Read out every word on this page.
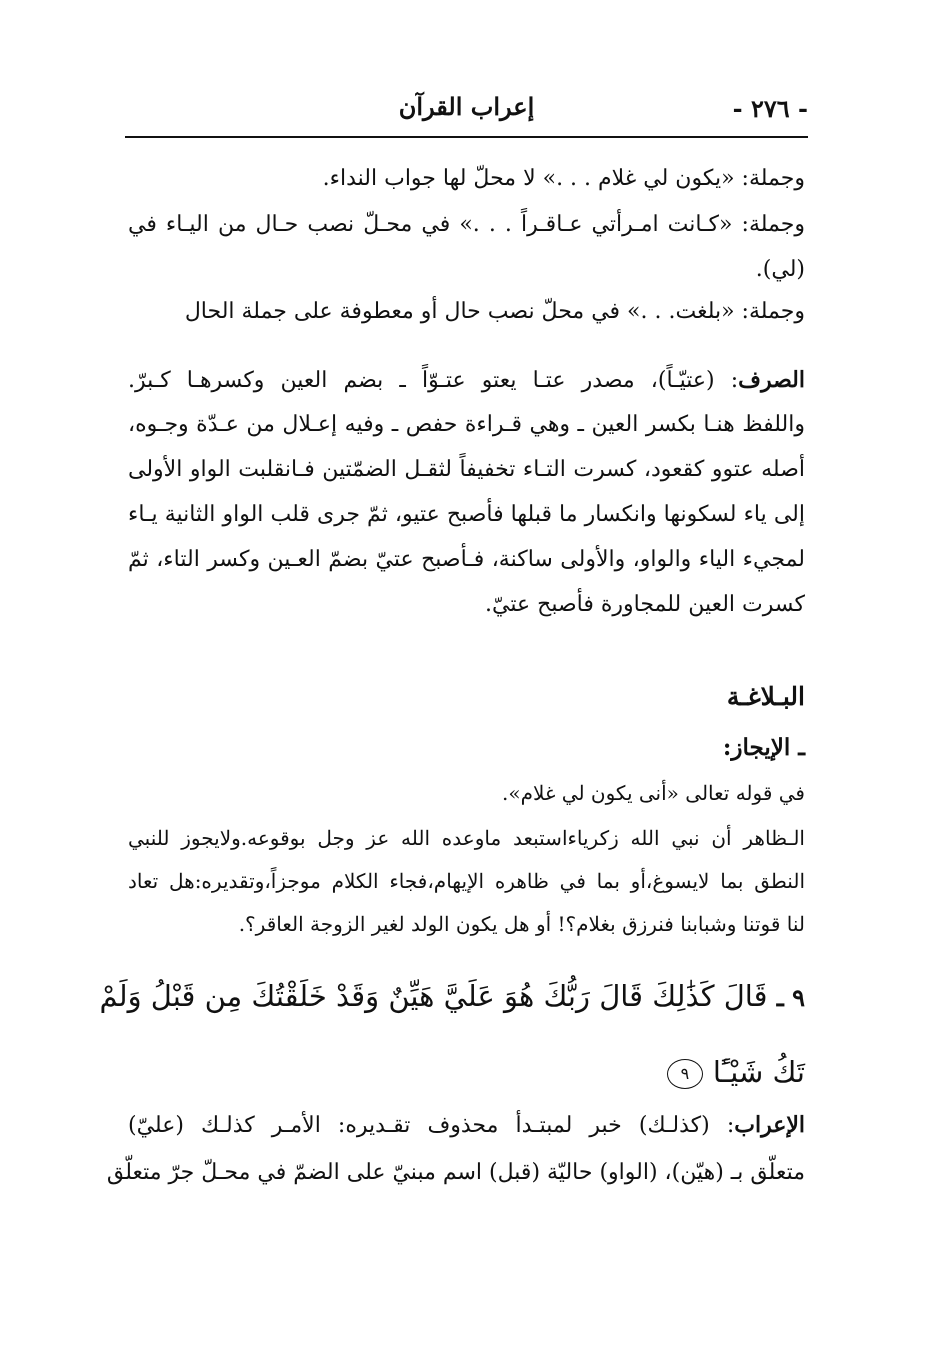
- ٢٧٦ -
إعراب القرآن
وجملة: «يكون لي غلام . . .» لا محلّ لها جواب النداء.
وجملة: «كـانت امـرأتي عـاقـراً . . .» في محـلّ نصب حـال من اليـاء في
(لي).
وجملة: «بلغت. . .» في محلّ نصب حال أو معطوفة على جملة الحال
الصرف: (عتيّـاً)، مصدر عتـا يعتو عتـوّاً ـ بضم العين وكسرهـا كـبرّ.
واللفظ هنـا بكسر العين ـ وهي قـراءة حفص ـ وفيه إعـلال من عـدّة وجـوه،
أصله عتوو كقعود، كسرت التـاء تخفيفاً لثقـل الضمّتين فـانقلبت الواو الأولى
إلى ياء لسكونها وانكسار ما قبلها فأصبح عتيو، ثمّ جرى قلب الواو الثانية يـاء
لمجيء الياء والواو، والأولى ساكنة، فـأصبح عتيّ بضمّ العـين وكسر التاء، ثمّ
كسرت العين للمجاورة فأصبح عتيّ.
البـلاغـة
ـ الإيجاز:
في قوله تعالى «أنى يكون لي غلام».
الـظاهر أن نبي الله زكرياءاستبعد ماوعده الله عز وجل بوقوعه.ولايجوز للنبي
النطق بما لايسوغ،أو بما في ظاهره الإيهام،فجاء الكلام موجزاً،وتقديره:هل تعاد
لنا قوتنا وشبابنا فنرزق بغلام؟! أو هل يكون الولد لغير الزوجة العاقر؟.
٩ ـ قَالَ كَذَٰلِكَ قَالَ رَبُّكَ هُوَ عَلَيَّ هَيِّنٌ وَقَدْ خَلَقْتُكَ مِن قَبْلُ وَلَمْ
تَكُ شَيْـًٔا٩
الإعراب: (كذلـك) خبر لمبتـدأ محذوف تقـديره: الأمـر كذلـك (عليّ)
متعلّق بـ (هيّن)، (الواو) حاليّة (قبل) اسم مبنيّ على الضمّ في محـلّ جرّ متعلّق
